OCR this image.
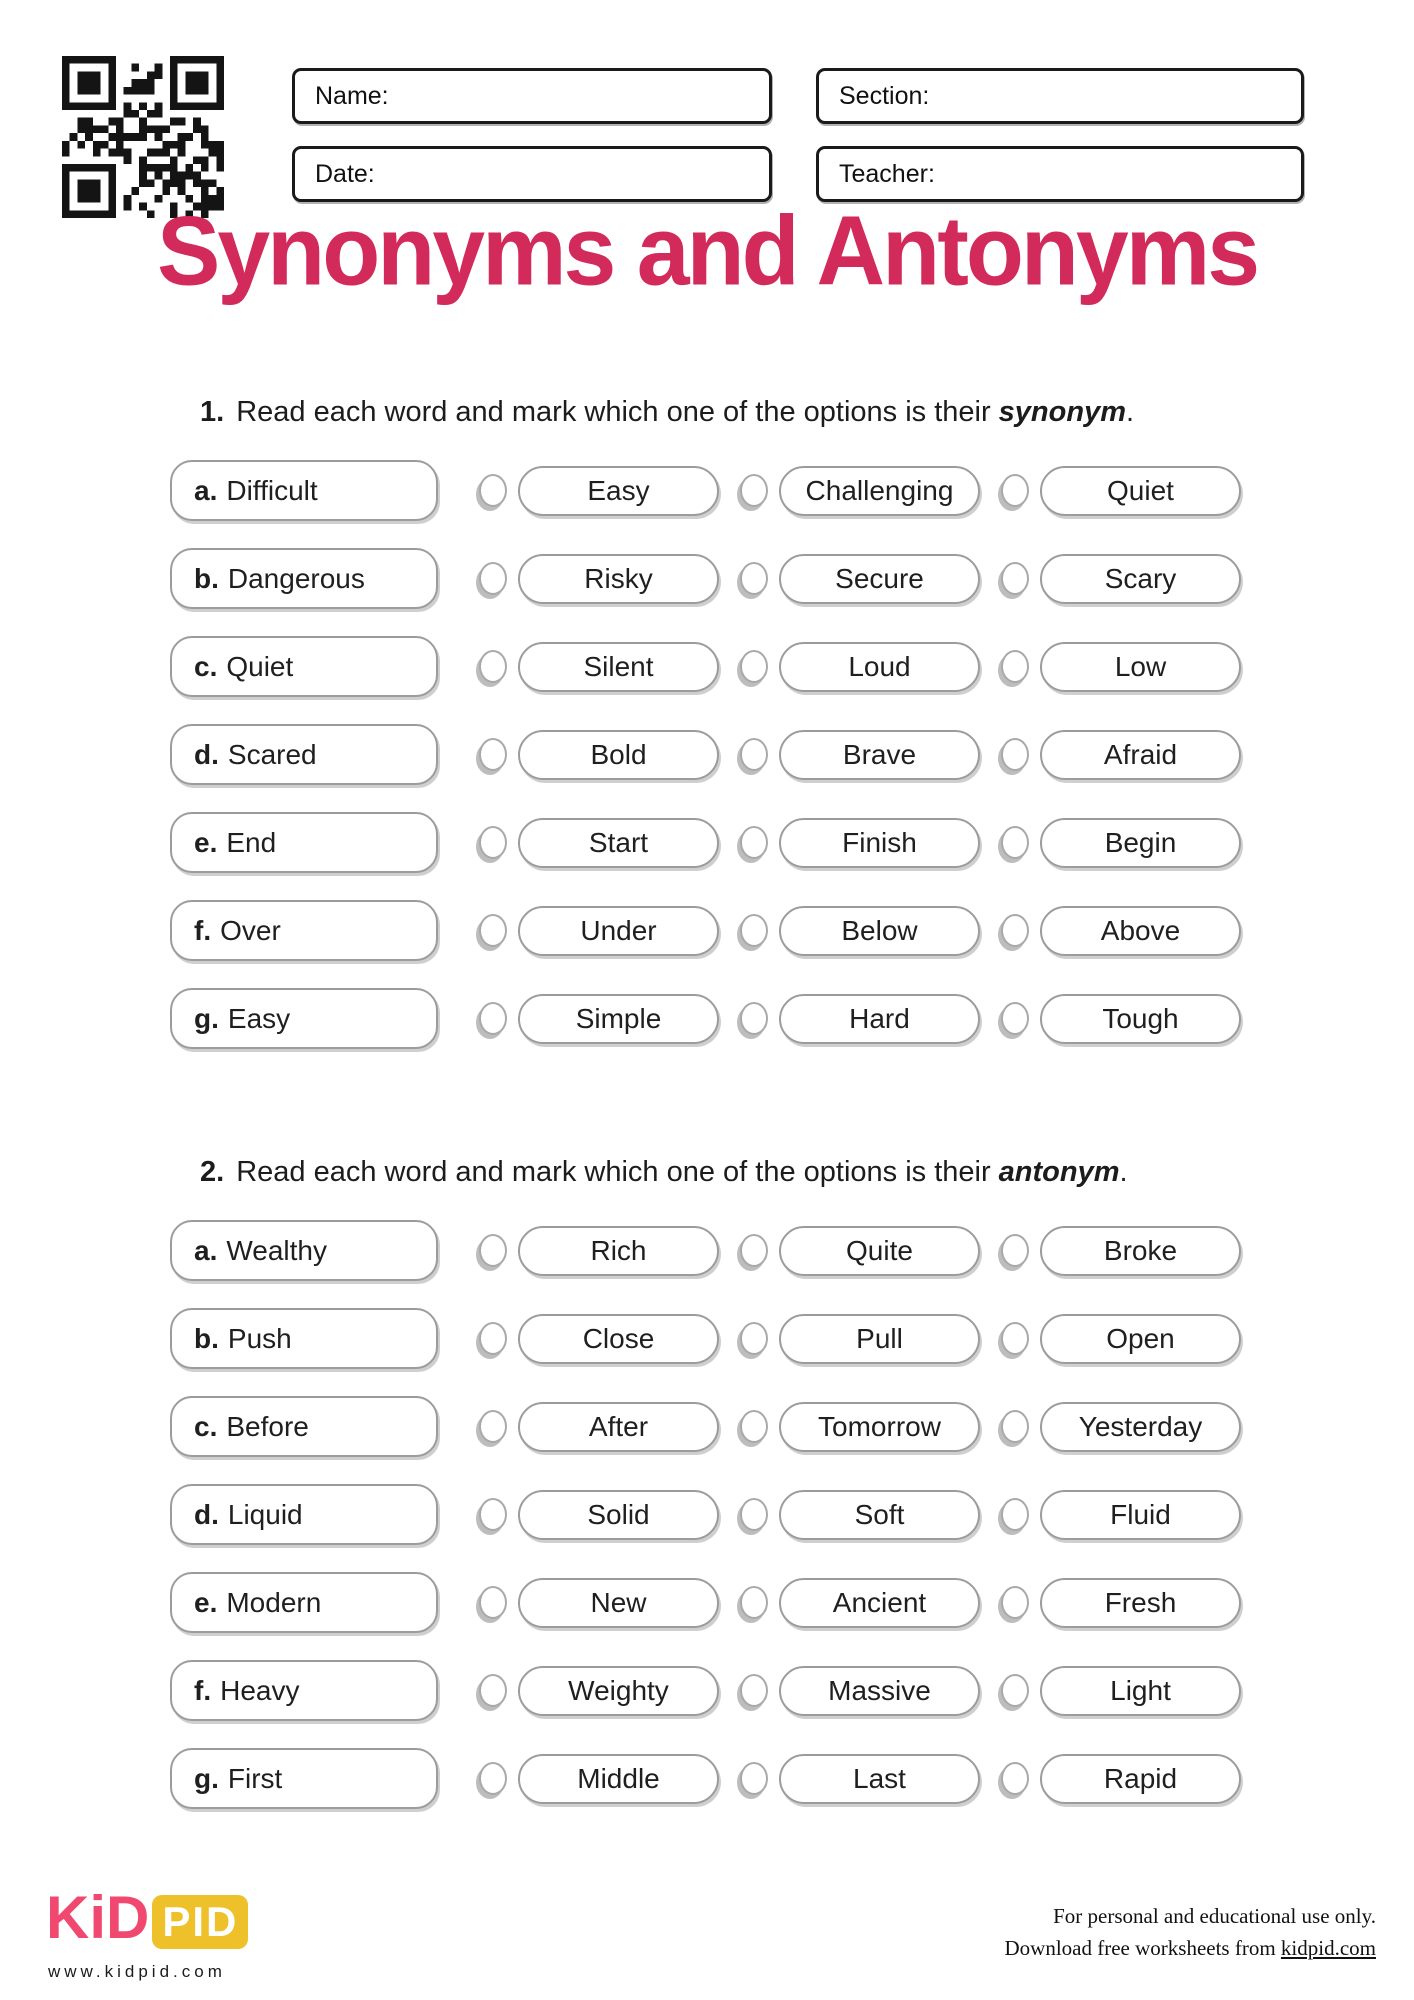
Name:	Section:
Date:	Teacher:
Synonyms and Antonyms

1. Read each word and mark which one of the options is their synonym.

a. Difficult	Easy	Challenging	Quiet
b. Dangerous	Risky	Secure	Scary
c. Quiet	Silent	Loud	Low
d. Scared	Bold	Brave	Afraid
e. End	Start	Finish	Begin
f. Over	Under	Below	Above
g. Easy	Simple	Hard	Tough

2. Read each word and mark which one of the options is their antonym.

a. Wealthy	Rich	Quite	Broke
b. Push	Close	Pull	Open
c. Before	After	Tomorrow	Yesterday
d. Liquid	Solid	Soft	Fluid
e. Modern	New	Ancient	Fresh
f. Heavy	Weighty	Massive	Light
g. First	Middle	Last	Rapid
KiD PID
www.kidpid.com

For personal and educational use only.
Download free worksheets from kidpid.com
